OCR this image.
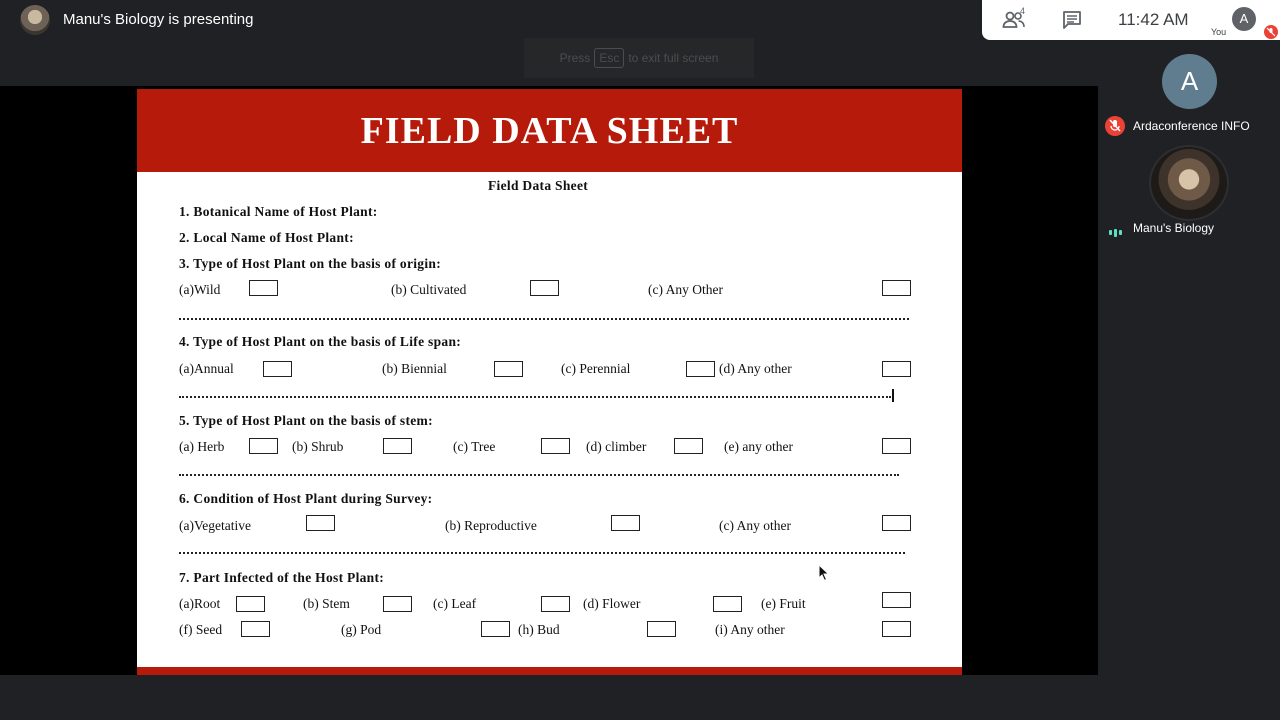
Manu's Biology is presenting	4	11:42 AM	A
You
Press Esc to exit full screen
FIELD DATA SHEET
Field Data Sheet
1. Botanical Name of Host Plant:
2. Local Name of Host Plant:
3. Type of Host Plant on the basis of origin:
(a)Wild	(b) Cultivated	(c) Any Other
4. Type of Host Plant on the basis of Life span:
(a)Annual	(b) Biennial	(c) Perennial	(d) Any other
5. Type of Host Plant on the basis of stem:
(a) Herb	(b) Shrub	(c) Tree	(d) climber	(e) any other
6. Condition of Host Plant during Survey:
(a)Vegetative	(b) Reproductive	(c) Any other
7. Part Infected of the Host Plant:
(a)Root	(b) Stem	(c) Leaf	(d) Flower	(e) Fruit
(f) Seed	(g) Pod	(h) Bud	(i) Any other
A
Ardaconference INFO
Manu's Biology
